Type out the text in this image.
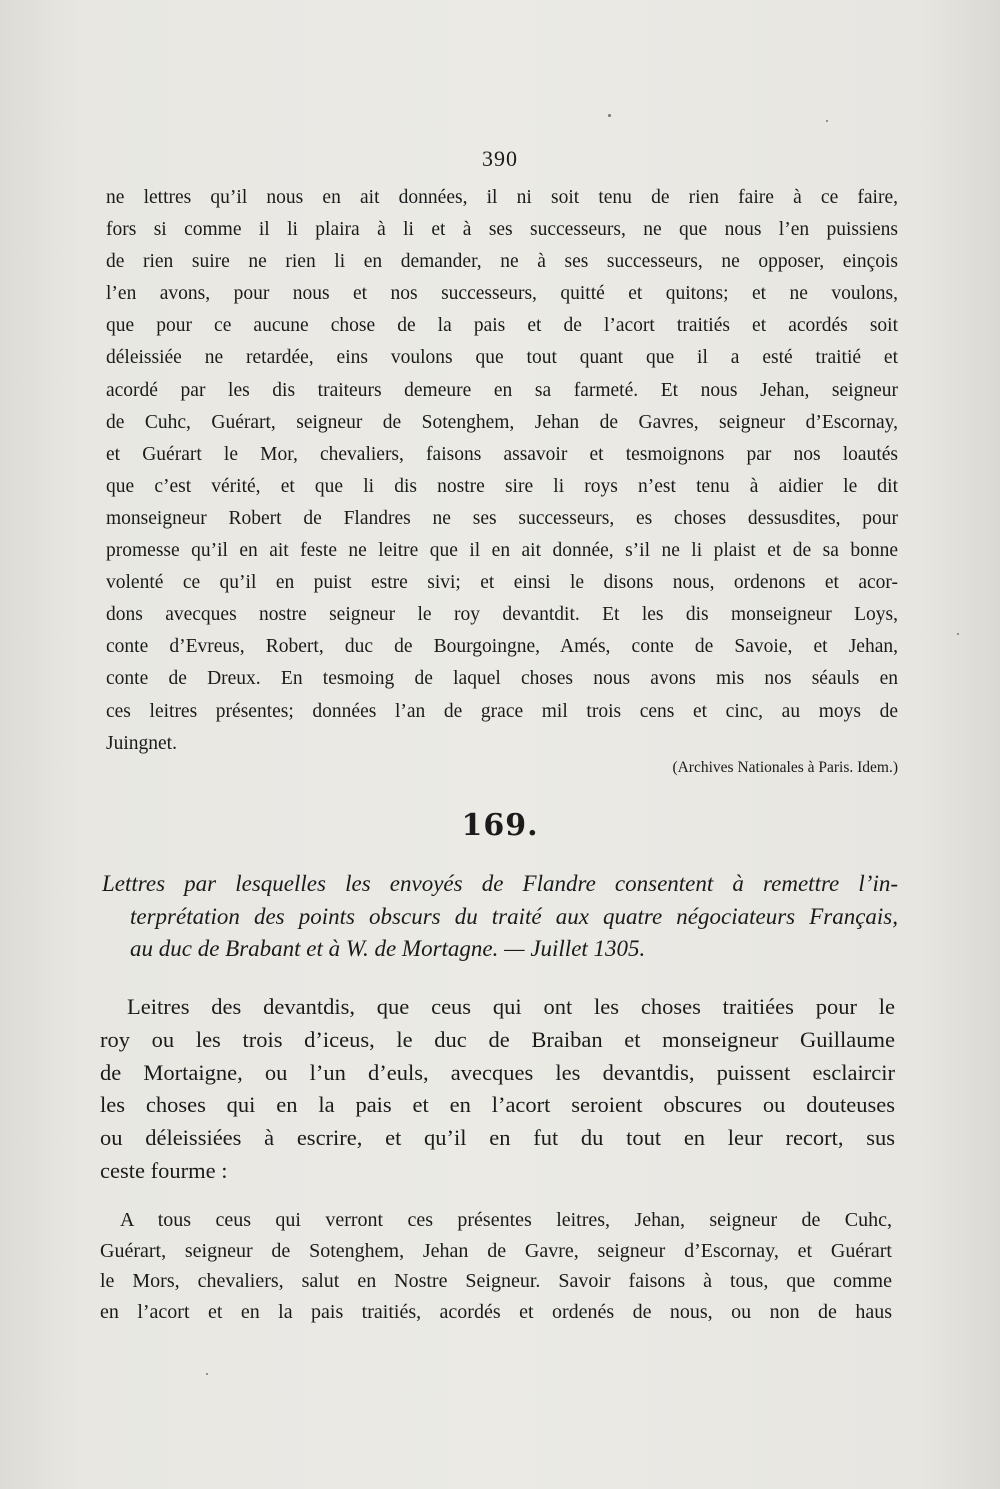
390
ne lettres qu’il nous en ait données, il ni soit tenu de rien faire à ce faire,
fors si comme il li plaira à li et à ses successeurs, ne que nous l’en puissiens
de rien suire ne rien li en demander, ne à ses successeurs, ne opposer, einçois
l’en avons, pour nous et nos successeurs, quitté et quitons; et ne voulons,
que pour ce aucune chose de la pais et de l’acort traitiés et acordés soit
déleissiée ne retardée, eins voulons que tout quant que il a esté traitié et
acordé par les dis traiteurs demeure en sa farmeté. Et nous Jehan, seigneur
de Cuhc, Guérart, seigneur de Sotenghem, Jehan de Gavres, seigneur d’Escornay,
et Guérart le Mor, chevaliers, faisons assavoir et tesmoignons par nos loautés
que c’est vérité, et que li dis nostre sire li roys n’est tenu à aidier le dit
monseigneur Robert de Flandres ne ses successeurs, es choses dessusdites, pour
promesse qu’il en ait feste ne leitre que il en ait donnée, s’il ne li plaist et de sa bonne
volenté ce qu’il en puist estre sivi; et einsi le disons nous, ordenons et acor-
dons avecques nostre seigneur le roy devantdit. Et les dis monseigneur Loys,
conte d’Evreus, Robert, duc de Bourgoingne, Amés, conte de Savoie, et Jehan,
conte de Dreux. En tesmoing de laquel choses nous avons mis nos séauls en
ces leitres présentes; données l’an de grace mil trois cens et cinc, au moys de
Juingnet.
(Archives Nationales à Paris. Idem.)
169.
Lettres par lesquelles les envoyés de Flandre consentent à remettre l’in-
terprétation des points obscurs du traité aux quatre négociateurs Français,
au duc de Brabant et à W. de Mortagne. — Juillet 1305.
Leitres des devantdis, que ceus qui ont les choses traitiées pour le
roy ou les trois d’iceus, le duc de Braiban et monseigneur Guillaume
de Mortaigne, ou l’un d’euls, avecques les devantdis, puissent esclaircir
les choses qui en la pais et en l’acort seroient obscures ou douteuses
ou déleissiées à escrire, et qu’il en fut du tout en leur recort, sus
ceste fourme :
A tous ceus qui verront ces présentes leitres, Jehan, seigneur de Cuhc,
Guérart, seigneur de Sotenghem, Jehan de Gavre, seigneur d’Escornay, et Guérart
le Mors, chevaliers, salut en Nostre Seigneur. Savoir faisons à tous, que comme
en l’acort et en la pais traitiés, acordés et ordenés de nous, ou non de haus
